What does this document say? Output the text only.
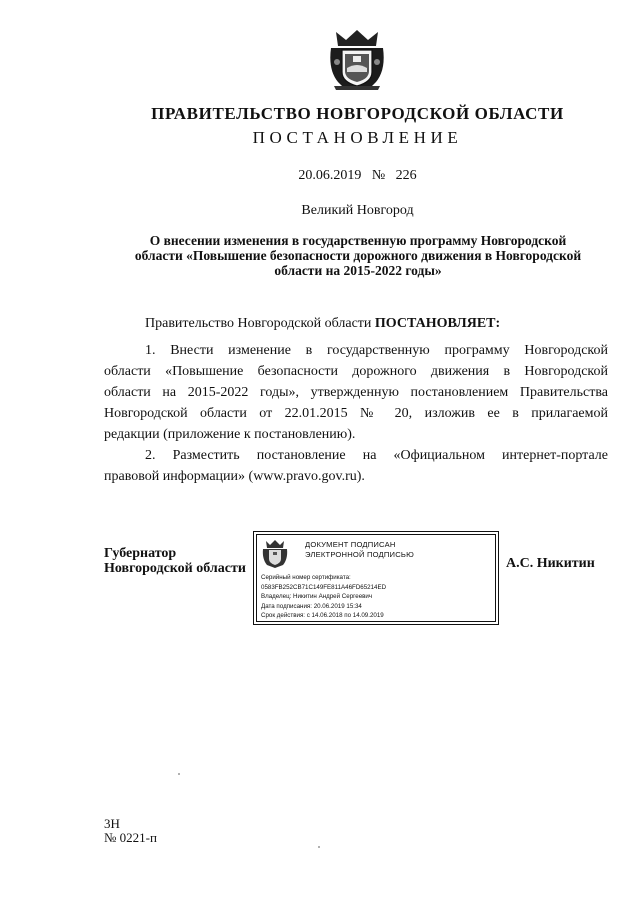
ПРАВИТЕЛЬСТВО НОВГОРОДСКОЙ ОБЛАСТИ
ПОСТАНОВЛЕНИЕ
20.06.2019 № 226
Великий Новгород
О внесении изменения в государственную программу Новгородской
области «Повышение безопасности дорожного движения в Новгородской
области на 2015-2022 годы»

Правительство Новгородской области ПОСТАНОВЛЯЕТ:

1. Внести изменение в государственную программу Новгородской
области «Повышение безопасности дорожного движения в Новгородской
области на 2015-2022 годы», утвержденную постановлением Правительства
Новгородской области от 22.01.2015 № 20, изложив ее в прилагаемой
редакции (приложение к постановлению).
2. Разместить постановление на «Официальном интернет-портале
правовой информации» (www.pravo.gov.ru).
Губернатор
Новгородской области
ДОКУМЕНТ ПОДПИСАН
ЭЛЕКТРОННОЙ ПОДПИСЬЮ
Серийный номер сертификата:
0583FB252CB71C149FE811A46FD65214ED
Владелец: Никитин Андрей Сергеевич
Дата подписания: 20.06.2019 15:34
Срок действия: с 14.06.2018 по 14.09.2019
А.С. Никитин
3Н
№ 0221-п
